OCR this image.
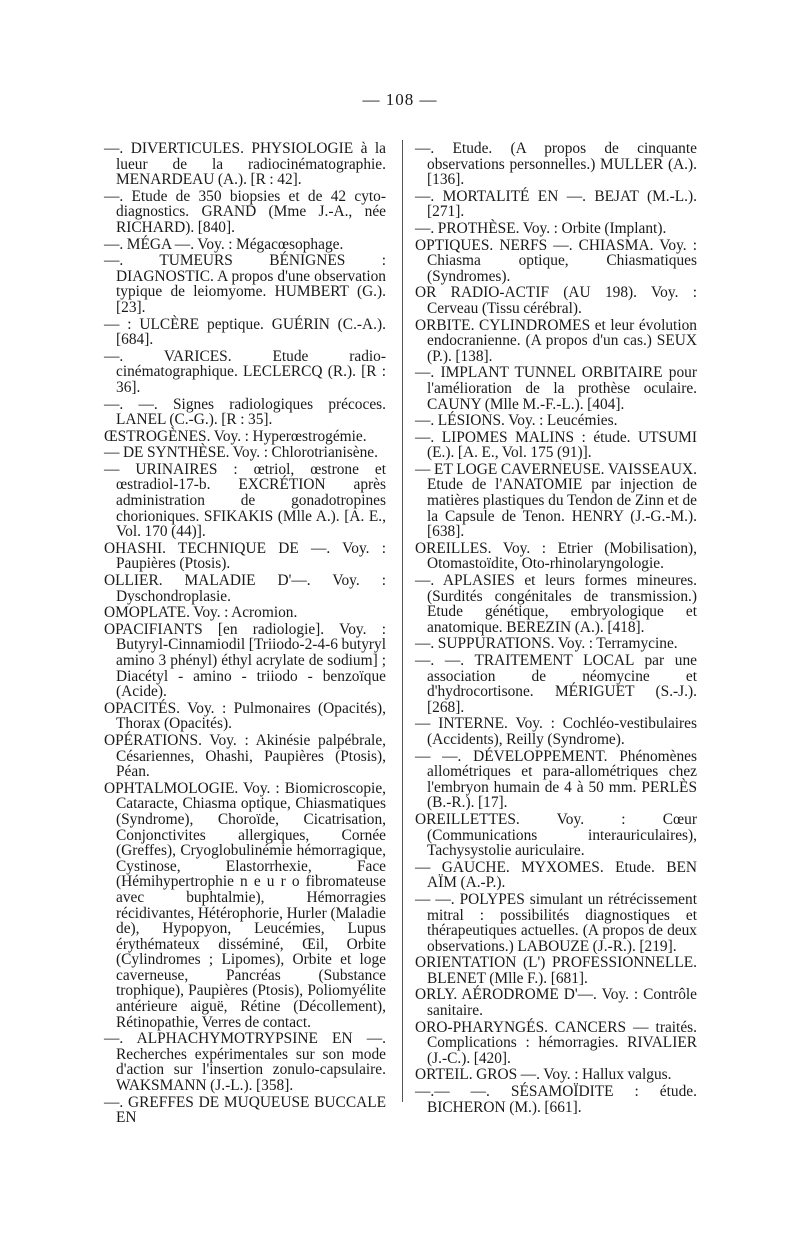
— 108 —

—. DIVERTICULES. PHYSIOLOGIE à la lueur de la radiocinématographie. MENARDEAU (A.). [R : 42].

—. Etude de 350 biopsies et de 42 cyto-diagnostics. GRAND (Mme J.-A., née RICHARD). [840].

—. MÉGA —. Voy. : Mégacœsophage.

—. TUMEURS BÉNIGNES : DIAGNOSTIC. A propos d'une observation typique de leiomyome. HUMBERT (G.). [23].

— : ULCÈRE peptique. GUÉRIN (C.-A.). [684].

—. VARICES. Etude radio-cinématographique. LECLERCQ (R.). [R : 36].

—. —. Signes radiologiques précoces. LANEL (C.-G.). [R : 35].

ŒSTROGÈNES. Voy. : Hyperœstrogémie.

— DE SYNTHÈSE. Voy. : Chlorotrianisène.

— URINAIRES : œtriol, œstrone et œstradiol-17-b. EXCRÉTION après administration de gonadotropines chorioniques. SFIKAKIS (Mlle A.). [A. E., Vol. 170 (44)].

OHASHI. TECHNIQUE DE —. Voy. : Paupières (Ptosis).

OLLIER. MALADIE D'—. Voy. : Dyschondroplasie.

OMOPLATE. Voy. : Acromion.

OPACIFIANTS [en radiologie]. Voy. : Butyryl-Cinnamiodil [Triiodo-2-4-6 butyryl amino 3 phényl) éthyl acrylate de sodium] ; Diacétyl - amino - triiodo - benzoïque (Acide).

OPACITÉS. Voy. : Pulmonaires (Opacités), Thorax (Opacités).

OPÉRATIONS. Voy. : Akinésie palpébrale, Césariennes, Ohashi, Paupières (Ptosis), Péan.

OPHTALMOLOGIE. Voy. : Biomicroscopie, Cataracte, Chiasma optique, Chiasmatiques (Syndrome), Choroïde, Cicatrisation, Conjonctivites allergiques, Cornée (Greffes), Cryoglobulinémie hémorragique, Cystinose, Elastorrhexie, Face (Hémihypertrophie n e u r o fibromateuse avec buphtalmie), Hémorragies récidivantes, Hétérophorie, Hurler (Maladie de), Hypopyon, Leucémies, Lupus érythémateux disséminé, Œil, Orbite (Cylindromes ; Lipomes), Orbite et loge caverneuse, Pancréas (Substance trophique), Paupières (Ptosis), Poliomyélite antérieure aiguë, Rétine (Décollement), Rétinopathie, Verres de contact.

—. ALPHACHYMOTRYPSINE EN —. Recherches expérimentales sur son mode d'action sur l'insertion zonulo-capsulaire. WAKSMANN (J.-L.). [358].

—. GREFFES DE MUQUEUSE BUCCALE EN

—. Etude. (A propos de cinquante observations personnelles.) MULLER (A.). [136].

—. MORTALITÉ EN —. BEJAT (M.-L.). [271].

—. PROTHÈSE. Voy. : Orbite (Implant).

OPTIQUES. NERFS —. CHIASMA. Voy. : Chiasma optique, Chiasmatiques (Syndromes).

OR RADIO-ACTIF (AU 198). Voy. : Cerveau (Tissu cérébral).

ORBITE. CYLINDROMES et leur évolution endocranienne. (A propos d'un cas.) SEUX (P.). [138].

—. IMPLANT TUNNEL ORBITAIRE pour l'amélioration de la prothèse oculaire. CAUNY (Mlle M.-F.-L.). [404].

—. LÉSIONS. Voy. : Leucémies.

—. LIPOMES MALINS : étude. UTSUMI (E.). [A. E., Vol. 175 (91)].

— ET LOGE CAVERNEUSE. VAISSEAUX. Etude de l'ANATOMIE par injection de matières plastiques du Tendon de Zinn et de la Capsule de Tenon. HENRY (J.-G.-M.). [638].

OREILLES. Voy. : Etrier (Mobilisation), Otomastoïdite, Oto-rhinolaryngologie.

—. APLASIES et leurs formes mineures. (Surdités congénitales de transmission.) Etude génétique, embryologique et anatomique. BEREZIN (A.). [418].

—. SUPPURATIONS. Voy. : Terramycine.

—. —. TRAITEMENT LOCAL par une association de néomycine et d'hydrocortisone. MÉRIGUET (S.-J.). [268].

— INTERNE. Voy. : Cochléo-vestibulaires (Accidents), Reilly (Syndrome).

— —. DÉVELOPPEMENT. Phénomènes allométriques et para-allométriques chez l'embryon humain de 4 à 50 mm. PERLÈS (B.-R.). [17].

OREILLETTES. Voy. : Cœur (Communications interauriculaires), Tachysystolie auriculaire.

— GAUCHE. MYXOMES. Etude. BEN AÏM (A.-P.).

— —. POLYPES simulant un rétrécissement mitral : possibilités diagnostiques et thérapeutiques actuelles. (A propos de deux observations.) LABOUZE (J.-R.). [219].

ORIENTATION (L') PROFESSIONNELLE. BLENET (Mlle F.). [681].

ORLY. AÉRODROME D'—. Voy. : Contrôle sanitaire.

ORO-PHARYNGÉS. CANCERS — traités. Complications : hémorragies. RIVALIER (J.-C.). [420].

ORTEIL. GROS —. Voy. : Hallux valgus.

—.— —. SÉSAMOÏDITE : étude. BICHERON (M.). [661].
